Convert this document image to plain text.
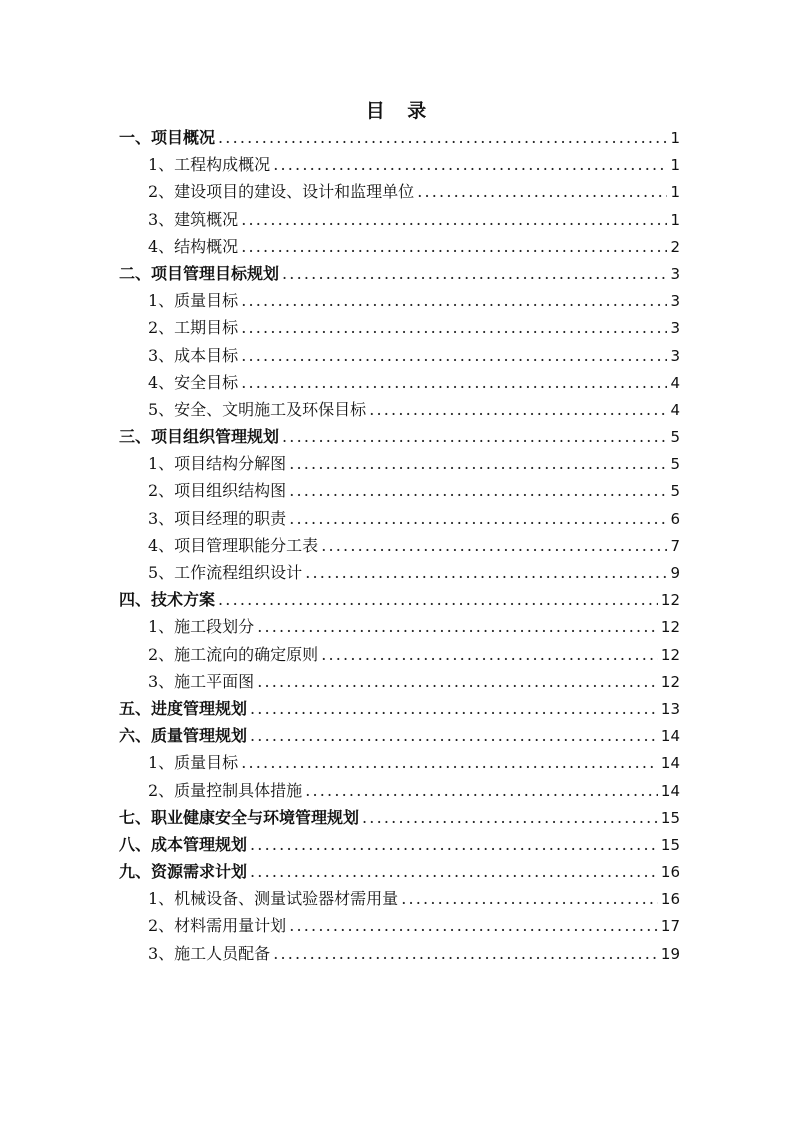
目 录
一、项目概况 .....	1
1、工程构成概况 .....	1
2、建设项目的建设、设计和监理单位 .....	1
3、建筑概况 .....	1
4、结构概况 .....	2
二、项目管理目标规划 .....	3
1、质量目标 .....	3
2、工期目标 .....	3
3、成本目标 .....	3
4、安全目标 .....	4
5、安全、文明施工及环保目标 .....	4
三、项目组织管理规划 .....	5
1、项目结构分解图 .....	5
2、项目组织结构图 .....	5
3、项目经理的职责 .....	6
4、项目管理职能分工表 .....	7
5、工作流程组织设计 .....	9
四、技术方案 .....	12
1、施工段划分 .....	12
2、施工流向的确定原则 .....	12
3、施工平面图 .....	12
五、进度管理规划 .....	13
六、质量管理规划 .....	14
1、质量目标 .....	14
2、质量控制具体措施 .....	14
七、职业健康安全与环境管理规划 .....	15
八、成本管理规划 .....	15
九、资源需求计划 .....	16
1、机械设备、测量试验器材需用量 .....	16
2、材料需用量计划 .....	17
3、施工人员配备 .....	19
